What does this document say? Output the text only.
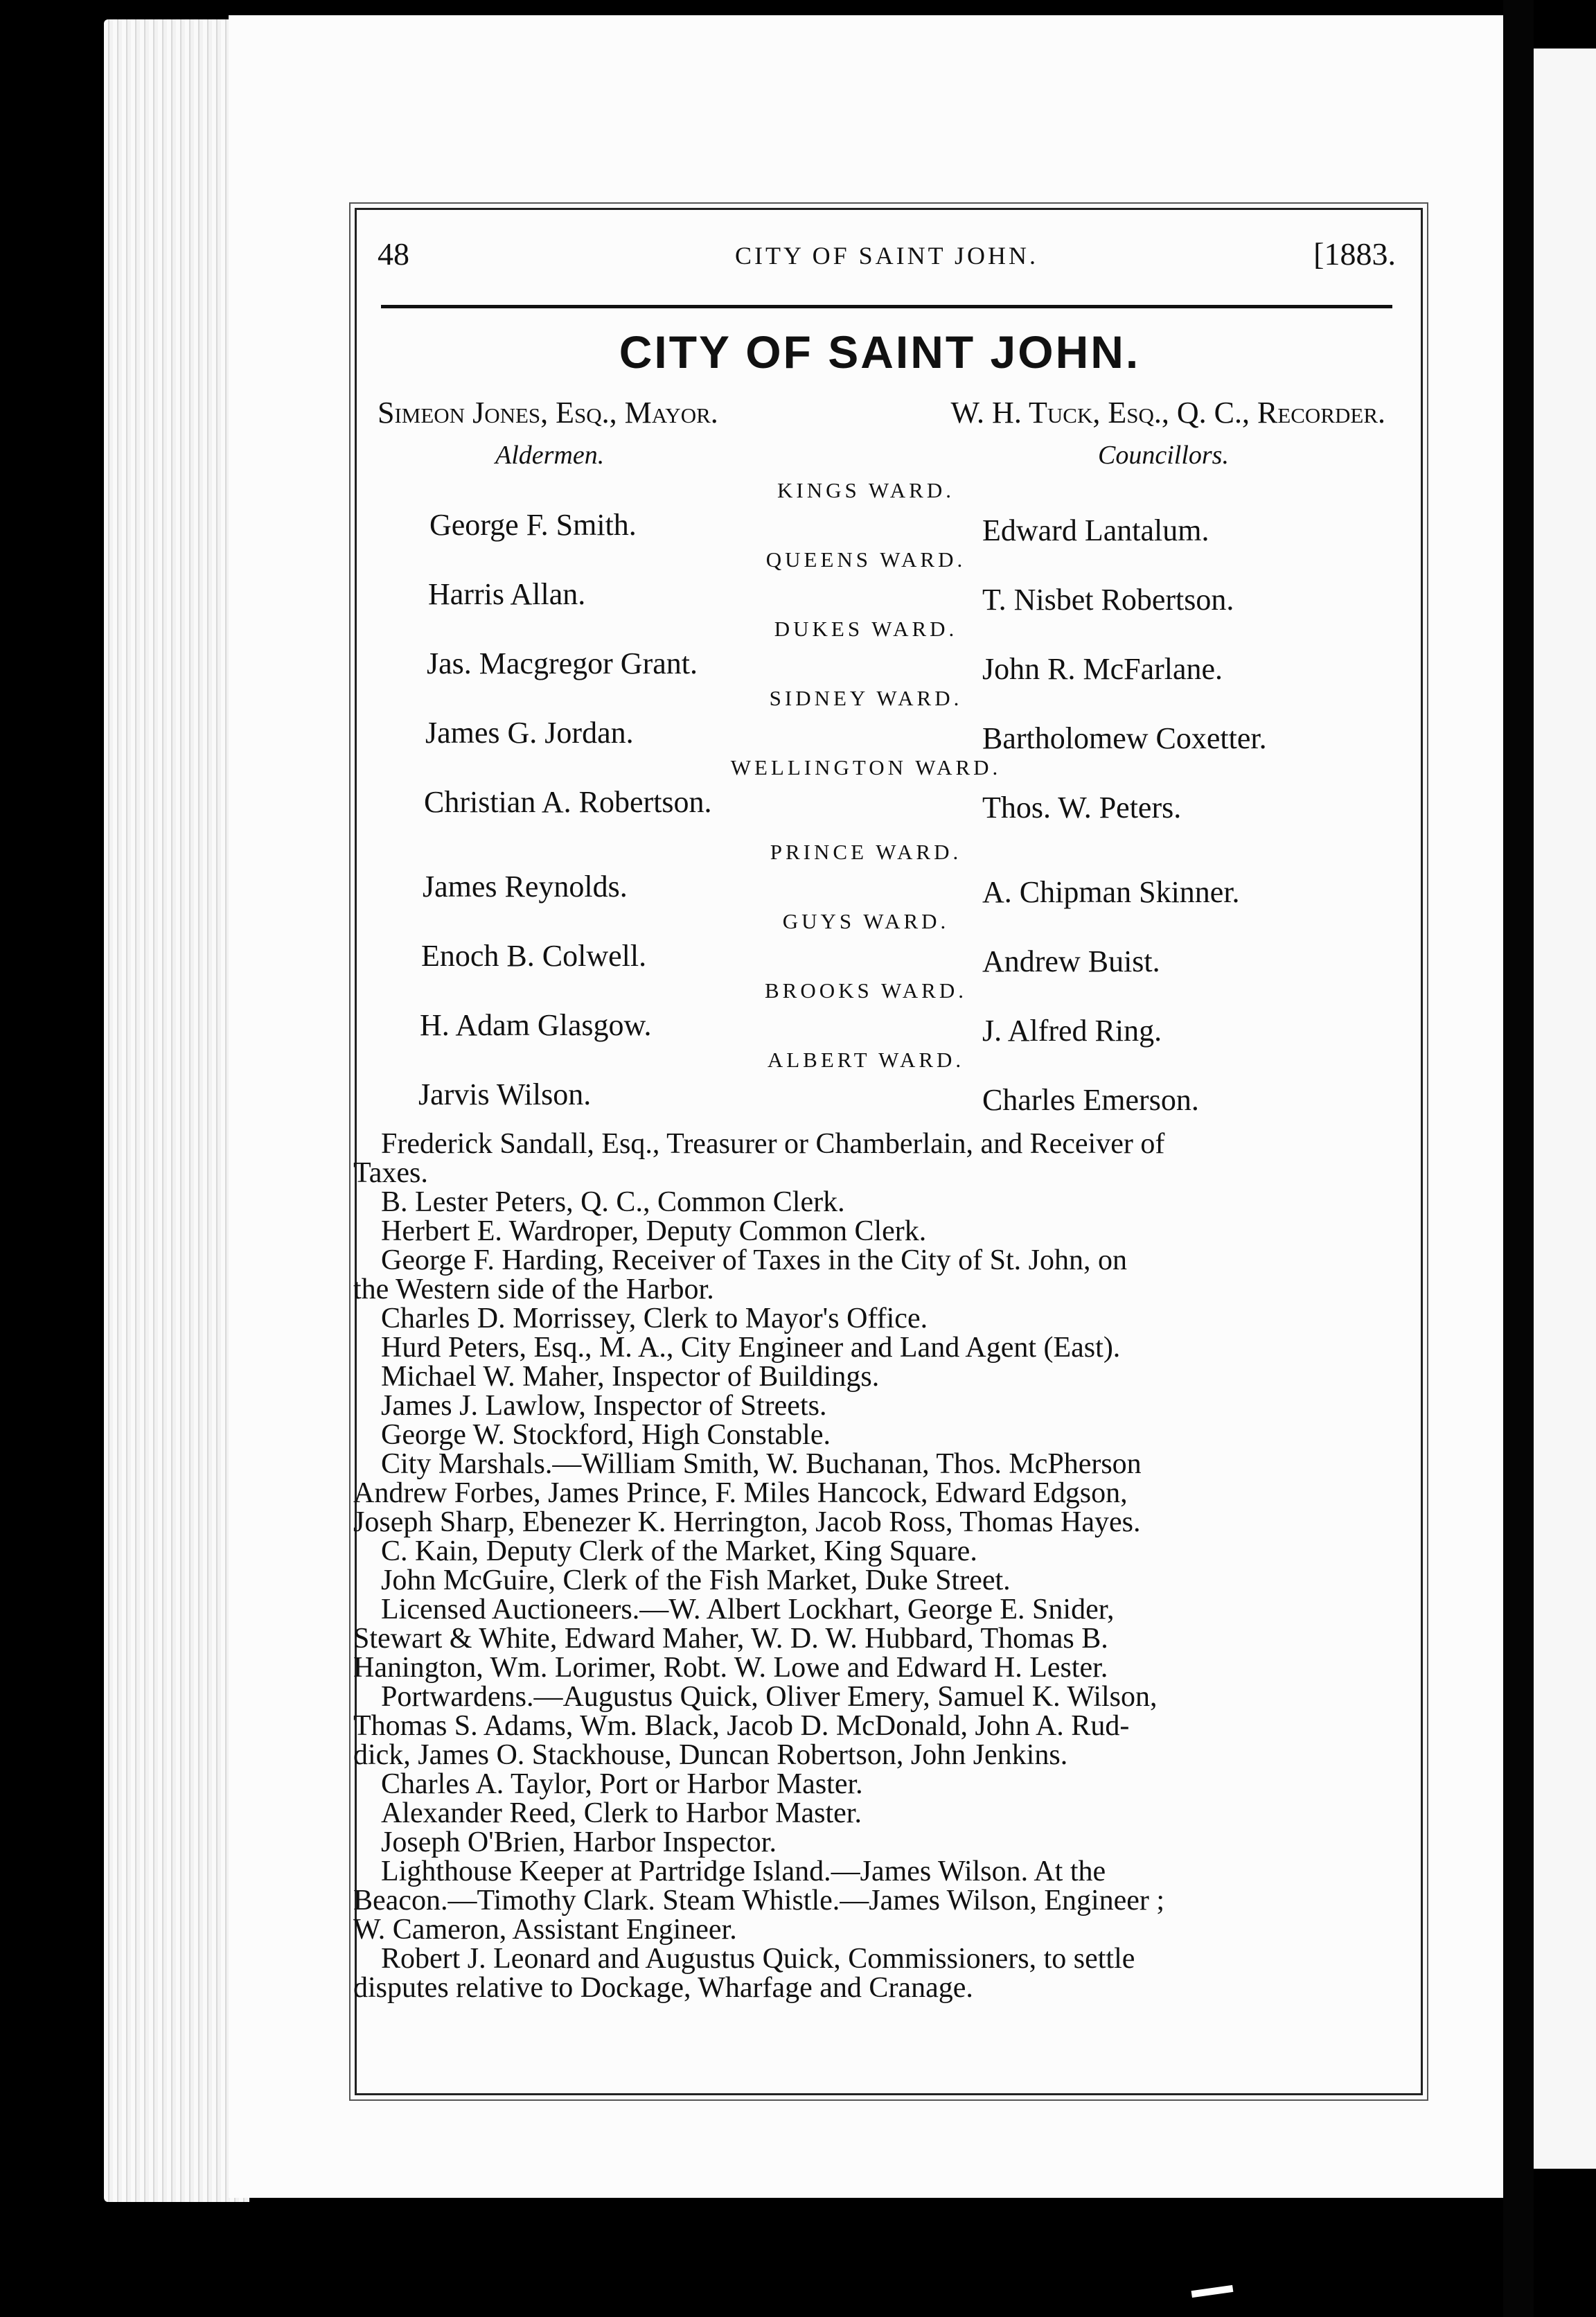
48	CITY OF SAINT JOHN.	[1883.
CITY OF SAINT JOHN.
Simeon Jones, Esq., Mayor.	W. H. Tuck, Esq., Q. C., Recorder.
Aldermen.	Councillors.
KINGS WARD.
George F. Smith.	Edward Lantalum.
QUEENS WARD.
Harris Allan.	T. Nisbet Robertson.
DUKES WARD.
Jas. Macgregor Grant.	John R. McFarlane.
SIDNEY WARD.
James G. Jordan.	Bartholomew Coxetter.
WELLINGTON WARD.
Christian A. Robertson.	Thos. W. Peters.
PRINCE WARD.
James Reynolds.	A. Chipman Skinner.
GUYS WARD.
Enoch B. Colwell.	Andrew Buist.
BROOKS WARD.
H. Adam Glasgow.	J. Alfred Ring.
ALBERT WARD.
Jarvis Wilson.	Charles Emerson.
Frederick Sandall, Esq., Treasurer or Chamberlain, and Receiver of
Taxes.
B. Lester Peters, Q. C., Common Clerk.
Herbert E. Wardroper, Deputy Common Clerk.
George F. Harding, Receiver of Taxes in the City of St. John, on
the Western side of the Harbor.
Charles D. Morrissey, Clerk to Mayor's Office.
Hurd Peters, Esq., M. A., City Engineer and Land Agent (East).
Michael W. Maher, Inspector of Buildings.
James J. Lawlow, Inspector of Streets.
George W. Stockford, High Constable.
City Marshals.—William Smith, W. Buchanan, Thos. McPherson
Andrew Forbes, James Prince, F. Miles Hancock, Edward Edgson,
Joseph Sharp, Ebenezer K. Herrington, Jacob Ross, Thomas Hayes.
C. Kain, Deputy Clerk of the Market, King Square.
John McGuire, Clerk of the Fish Market, Duke Street.
Licensed Auctioneers.—W. Albert Lockhart, George E. Snider,
Stewart & White, Edward Maher, W. D. W. Hubbard, Thomas B.
Hanington, Wm. Lorimer, Robt. W. Lowe and Edward H. Lester.
Portwardens.—Augustus Quick, Oliver Emery, Samuel K. Wilson,
Thomas S. Adams, Wm. Black, Jacob D. McDonald, John A. Rud-
dick, James O. Stackhouse, Duncan Robertson, John Jenkins.
Charles A. Taylor, Port or Harbor Master.
Alexander Reed, Clerk to Harbor Master.
Joseph O'Brien, Harbor Inspector.
Lighthouse Keeper at Partridge Island.—James Wilson. At the
Beacon.—Timothy Clark. Steam Whistle.—James Wilson, Engineer ;
W. Cameron, Assistant Engineer.
Robert J. Leonard and Augustus Quick, Commissioners, to settle
disputes relative to Dockage, Wharfage and Cranage.
